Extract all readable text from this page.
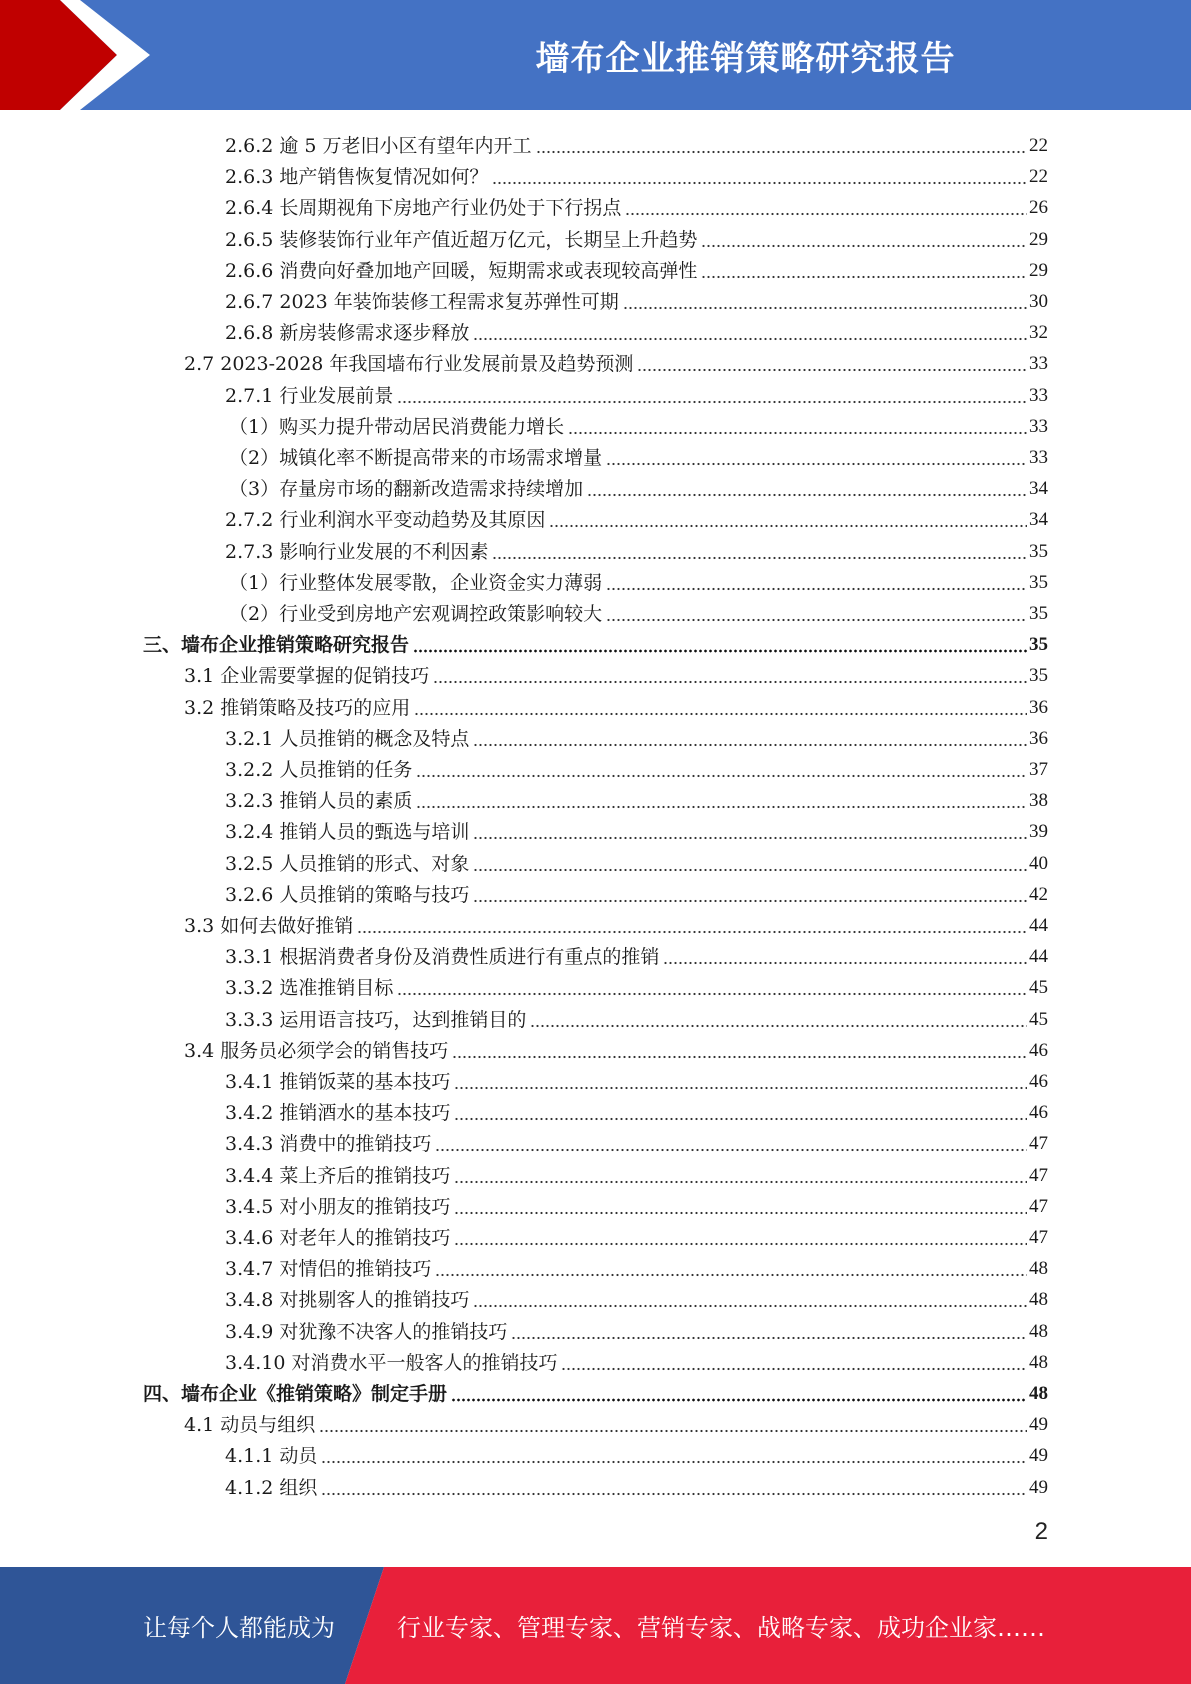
墙布企业推销策略研究报告
2.6.2 逾 5 万老旧小区有望年内开工	22
2.6.3 地产销售恢复情况如何？	22
2.6.4 长周期视角下房地产行业仍处于下行拐点	26
2.6.5 装修装饰行业年产值近超万亿元，长期呈上升趋势	29
2.6.6 消费向好叠加地产回暖，短期需求或表现较高弹性	29
2.6.7 2023 年装饰装修工程需求复苏弹性可期	30
2.6.8 新房装修需求逐步释放	32
2.7 2023-2028 年我国墙布行业发展前景及趋势预测	33
2.7.1 行业发展前景	33
（1）购买力提升带动居民消费能力增长	33
（2）城镇化率不断提高带来的市场需求增量	33
（3）存量房市场的翻新改造需求持续增加	34
2.7.2 行业利润水平变动趋势及其原因	34
2.7.3 影响行业发展的不利因素	35
（1）行业整体发展零散，企业资金实力薄弱	35
（2）行业受到房地产宏观调控政策影响较大	35
三、墙布企业推销策略研究报告	35
3.1 企业需要掌握的促销技巧	35
3.2 推销策略及技巧的应用	36
3.2.1 人员推销的概念及特点	36
3.2.2 人员推销的任务	37
3.2.3 推销人员的素质	38
3.2.4 推销人员的甄选与培训	39
3.2.5 人员推销的形式、对象	40
3.2.6 人员推销的策略与技巧	42
3.3 如何去做好推销	44
3.3.1 根据消费者身份及消费性质进行有重点的推销	44
3.3.2 选准推销目标	45
3.3.3 运用语言技巧，达到推销目的	45
3.4 服务员必须学会的销售技巧	46
3.4.1 推销饭菜的基本技巧	46
3.4.2 推销酒水的基本技巧	46
3.4.3 消费中的推销技巧	47
3.4.4 菜上齐后的推销技巧	47
3.4.5 对小朋友的推销技巧	47
3.4.6 对老年人的推销技巧	47
3.4.7 对情侣的推销技巧	48
3.4.8 对挑剔客人的推销技巧	48
3.4.9 对犹豫不决客人的推销技巧	48
3.4.10 对消费水平一般客人的推销技巧	48
四、墙布企业《推销策略》制定手册	48
4.1 动员与组织	49
4.1.1 动员	49
4.1.2 组织	49
2
让每个人都能成为	行业专家、管理专家、营销专家、战略专家、成功企业家……
